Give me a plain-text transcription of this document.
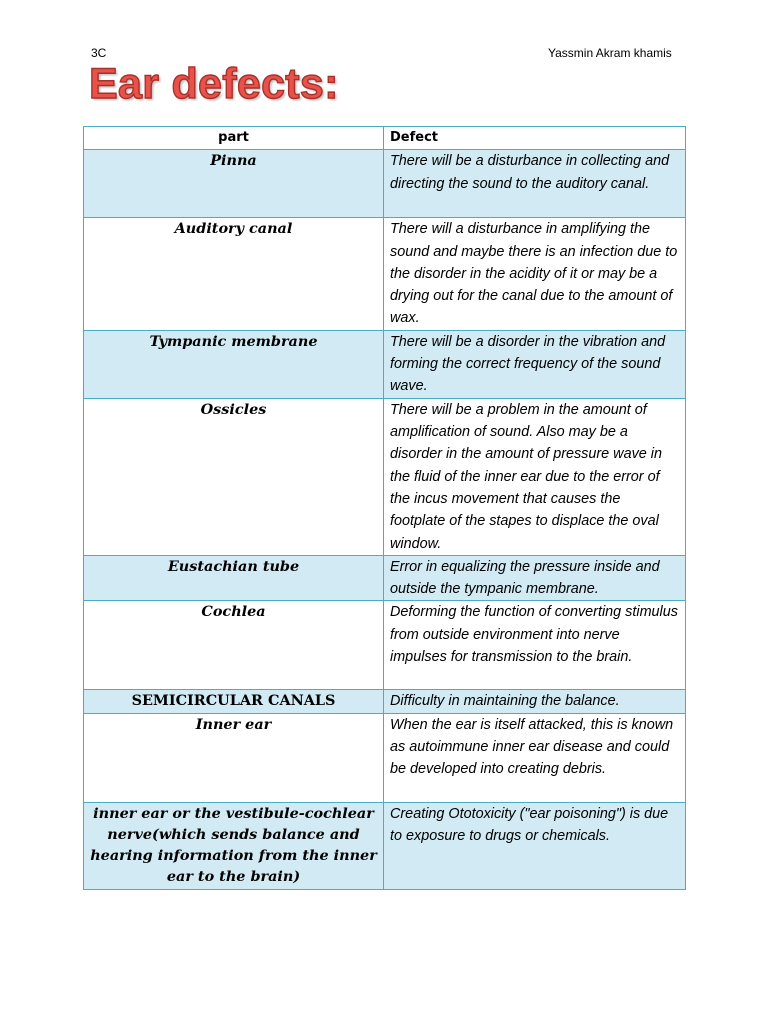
3C	Yassmin Akram khamis
Ear defects:
part	Defect
Pinna	There will be a disturbance in collecting and directing the sound to the auditory canal.
Auditory canal	There will a disturbance in amplifying the sound and maybe there is an infection due to the disorder in the acidity of it or may be a drying out for the canal due to the amount of wax.
Tympanic membrane	There will be a disorder in the vibration and forming the correct frequency of the sound wave.
Ossicles	There will be a problem in the amount of amplification of sound. Also may be a disorder in the amount of pressure wave in the fluid of the inner ear due to the error of the incus movement that causes the footplate of the stapes to displace the oval window.
Eustachian tube	Error in equalizing the pressure inside and outside the tympanic membrane.
Cochlea	Deforming the function of converting stimulus from outside environment into nerve impulses for transmission to the brain.
SEMICIRCULAR CANALS	Difficulty in maintaining the balance.
Inner ear	When the ear is itself attacked, this is known as autoimmune inner ear disease and could be developed into creating debris.
inner ear or the vestibule-cochlear nerve(which sends balance and hearing information from the inner ear to the brain)	Creating Ototoxicity ("ear poisoning") is due to exposure to drugs or chemicals.
